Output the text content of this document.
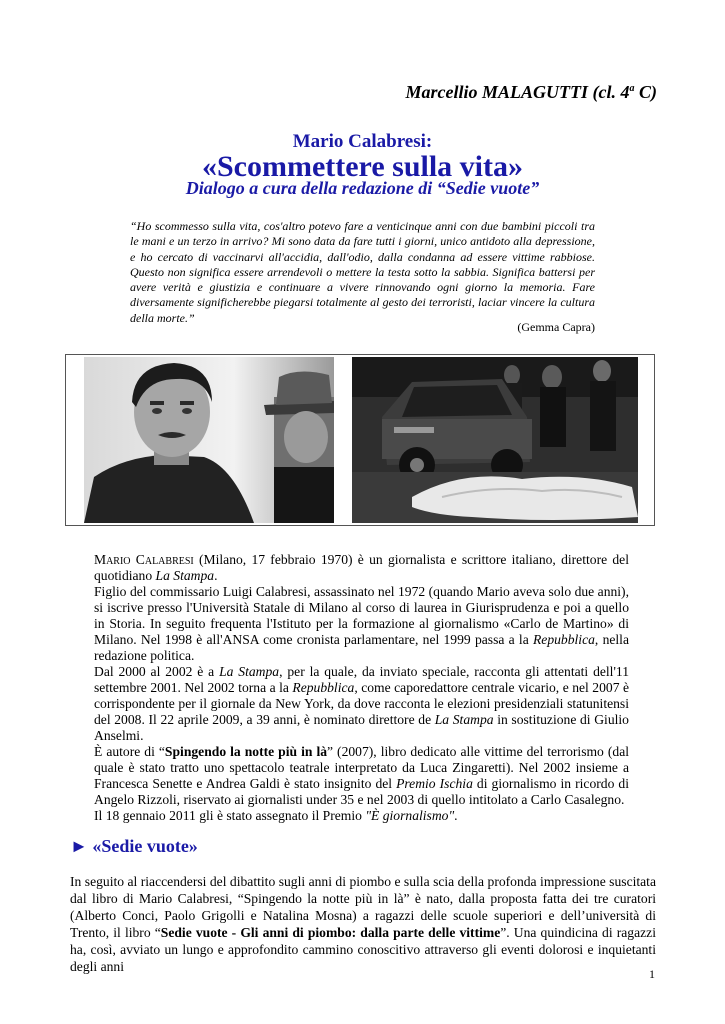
Marcellio MALAGUTTI (cl. 4$^a$ C)
Mario Calabresi:
«Scommettere sulla vita»
Dialogo a cura della redazione di “Sedie vuote”
“Ho scommesso sulla vita, cos'altro potevo fare a venticinque anni con due bambini piccoli tra le mani e un terzo in arrivo? Mi sono data da fare tutti i giorni, unico antidoto alla depressione, e ho cercato di vaccinarvi all'accidia, dall'odio, dalla condanna ad essere vittime rabbiose. Questo non significa essere arrendevoli o mettere la testa sotto la sabbia. Significa battersi per avere verità e giustizia e continuare a vivere rinnovando ogni giorno la memoria. Fare diversamente significherebbe piegarsi totalmente al gesto dei terroristi, laciar vincere la cultura della morte.”
(Gemma Capra)

Mario Calabresi (Milano, 17 febbraio 1970) è un giornalista e scrittore italiano, direttore del quotidiano La Stampa.

Figlio del commissario Luigi Calabresi, assassinato nel 1972 (quando Mario aveva solo due anni), si iscrive presso l'Università Statale di Milano al corso di laurea in Giurisprudenza e poi a quello in Storia. In seguito frequenta l'Istituto per la formazione al giornalismo «Carlo de Martino» di Milano. Nel 1998 è all'ANSA come cronista parlamentare, nel 1999 passa a la Repubblica, nella redazione politica.

Dal 2000 al 2002 è a La Stampa, per la quale, da inviato speciale, racconta gli attentati dell'11 settembre 2001. Nel 2002 torna a la Repubblica, come caporedattore centrale vicario, e nel 2007 è corrispondente per il giornale da New York, da dove racconta le elezioni presidenziali statunitensi del 2008. Il 22 aprile 2009, a 39 anni, è nominato direttore de La Stampa in sostituzione di Giulio Anselmi.

È autore di “Spingendo la notte più in là” (2007), libro dedicato alle vittime del terrorismo (dal quale è stato tratto uno spettacolo teatrale interpretato da Luca Zingaretti). Nel 2002 insieme a Francesca Senette e Andrea Galdi è stato insignito del Premio Ischia di giornalismo in ricordo di Angelo Rizzoli, riservato ai giornalisti under 35 e nel 2003 di quello intitolato a Carlo Casalegno.

Il 18 gennaio 2011 gli è stato assegnato il Premio "È giornalismo".

► «Sedie vuote»

In seguito al riaccendersi del dibattito sugli anni di piombo e sulla scia della profonda impressione suscitata dal libro di Mario Calabresi, “Spingendo la notte più in là” è nato, dalla proposta fatta dei tre curatori (Alberto Conci, Paolo Grigolli e Natalina Mosna) a ragazzi delle scuole superiori e dell’università di Trento, il libro “Sedie vuote - Gli anni di piombo: dalla parte delle vittime”. Una quindicina di ragazzi ha, così, avviato un lungo e approfondito cammino conoscitivo attraverso gli eventi dolorosi e inquietanti degli anni	1
